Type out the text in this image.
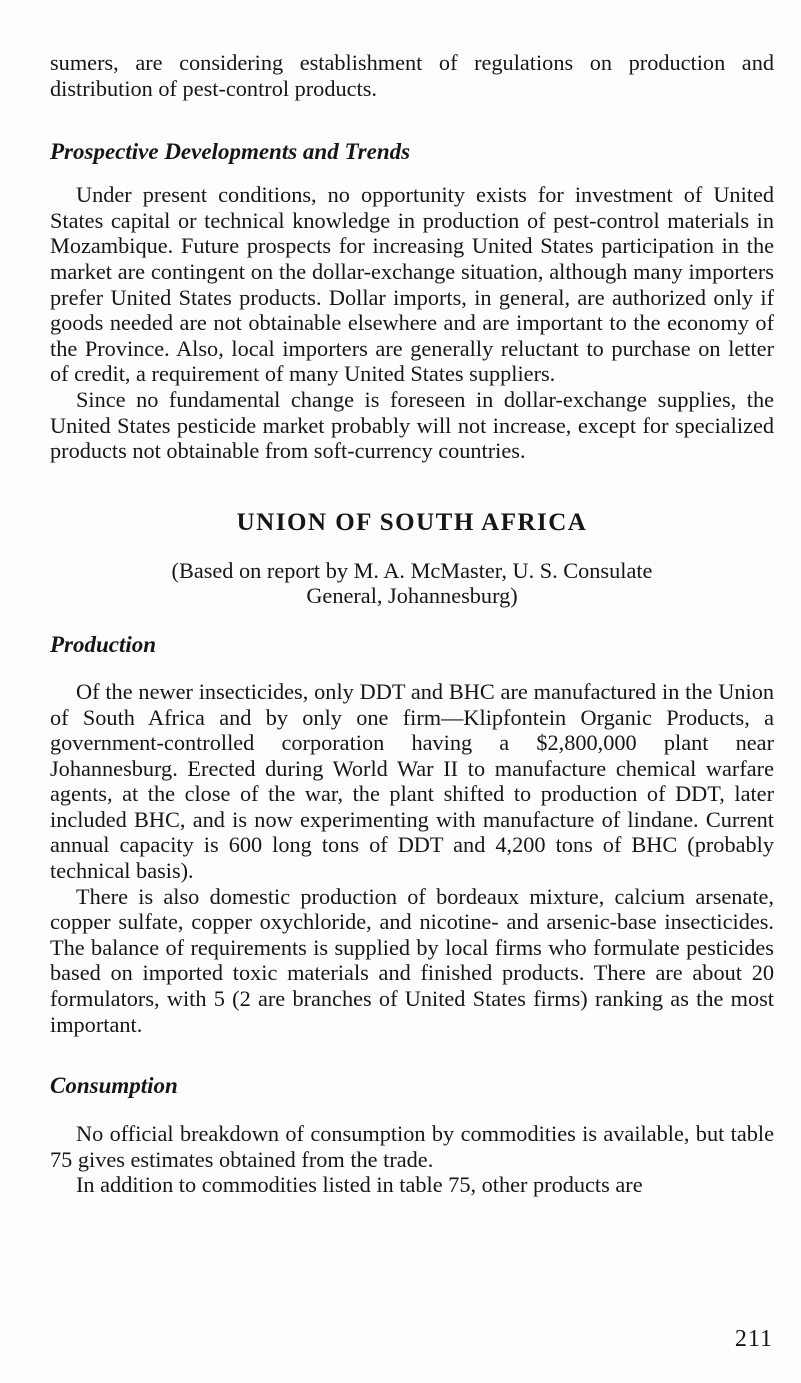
sumers, are considering establishment of regulations on production and distribution of pest-control products.

Prospective Developments and Trends

Under present conditions, no opportunity exists for investment of United States capital or technical knowledge in production of pest-control materials in Mozambique. Future prospects for increasing United States participation in the market are contingent on the dollar-exchange situation, although many importers prefer United States products. Dollar imports, in general, are authorized only if goods needed are not obtainable elsewhere and are important to the economy of the Province. Also, local importers are generally reluctant to purchase on letter of credit, a requirement of many United States suppliers.

Since no fundamental change is foreseen in dollar-exchange supplies, the United States pesticide market probably will not increase, except for specialized products not obtainable from soft-currency countries.

UNION OF SOUTH AFRICA

(Based on report by M. A. McMaster, U. S. Consulate

General, Johannesburg)

Production

Of the newer insecticides, only DDT and BHC are manufactured in the Union of South Africa and by only one firm—Klipfontein Organic Products, a government-controlled corporation having a $2,800,000 plant near Johannesburg. Erected during World War II to manufacture chemical warfare agents, at the close of the war, the plant shifted to production of DDT, later included BHC, and is now experimenting with manufacture of lindane. Current annual capacity is 600 long tons of DDT and 4,200 tons of BHC (probably technical basis).

There is also domestic production of bordeaux mixture, calcium arsenate, copper sulfate, copper oxychloride, and nicotine- and arsenic-base insecticides. The balance of requirements is supplied by local firms who formulate pesticides based on imported toxic materials and finished products. There are about 20 formulators, with 5 (2 are branches of United States firms) ranking as the most important.

Consumption

No official breakdown of consumption by commodities is available, but table 75 gives estimates obtained from the trade.

In addition to commodities listed in table 75, other products are

211
